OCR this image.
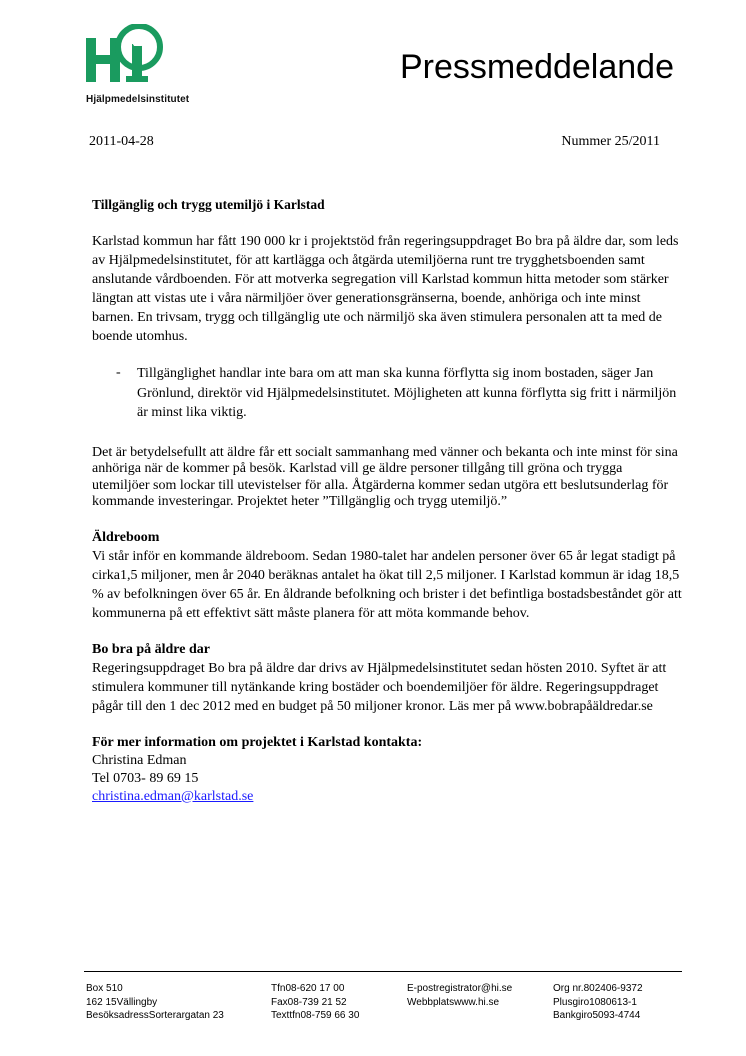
Hjälpmedelsinstitutet
Pressmeddelande
2011-04-28	Nummer 25/2011

Tillgänglig och trygg utemiljö i Karlstad

Karlstad kommun har fått 190 000 kr i projektstöd från regeringsuppdraget Bo bra på äldre dar, som leds av Hjälpmedelsinstitutet, för att kartlägga och åtgärda utemiljöerna runt tre trygghetsboenden samt anslutande vårdboenden. För att motverka segregation vill Karlstad kommun hitta metoder som stärker längtan att vistas ute i våra närmiljöer över generationsgränserna, boende, anhöriga och inte minst barnen. En trivsam, trygg och tillgänglig ute och närmiljö ska även stimulera personalen att ta med de boende utomhus.

-	Tillgänglighet handlar inte bara om att man ska kunna förflytta sig inom bostaden, säger Jan Grönlund, direktör vid Hjälpmedelsinstitutet. Möjligheten att kunna förflytta sig fritt i närmiljön är minst lika viktig.

Det är betydelsefullt att äldre får ett socialt sammanhang med vänner och bekanta och inte minst för sina anhöriga när de kommer på besök. Karlstad vill ge äldre personer tillgång till gröna och trygga utemiljöer som lockar till utevistelser för alla. Åtgärderna kommer sedan utgöra ett beslutsunderlag för kommande investeringar. Projektet heter ”Tillgänglig och trygg utemiljö.”

Äldreboom

Vi står inför en kommande äldreboom. Sedan 1980-talet har andelen personer över 65 år legat stadigt på cirka1,5 miljoner, men år 2040 beräknas antalet ha ökat till 2,5 miljoner. I Karlstad kommun är idag 18,5 % av befolkningen över 65 år. En åldrande befolkning och brister i det befintliga bostadsbeståndet gör att kommunerna på ett effektivt sätt måste planera för att möta kommande behov.

Bo bra på äldre dar

Regeringsuppdraget Bo bra på äldre dar drivs av Hjälpmedelsinstitutet sedan hösten 2010. Syftet är att stimulera kommuner till nytänkande kring bostäder och boendemiljöer för äldre. Regeringsuppdraget pågår till den 1 dec 2012 med en budget på 50 miljoner kronor. Läs mer på www.bobrapåäldredar.se

För mer information om projektet i Karlstad kontakta:

Christina Edman
Tel 0703- 89 69 15
christina.edman@karlstad.se
Box 510
162 15Vällingby
BesöksadressSorterargatan 23
Tfn08-620 17 00
Fax08-739 21 52
Texttfn08-759 66 30
E-postregistrator@hi.se
Webbplatswww.hi.se
Org nr.802406-9372
Plusgiro1080613-1
Bankgiro5093-4744
